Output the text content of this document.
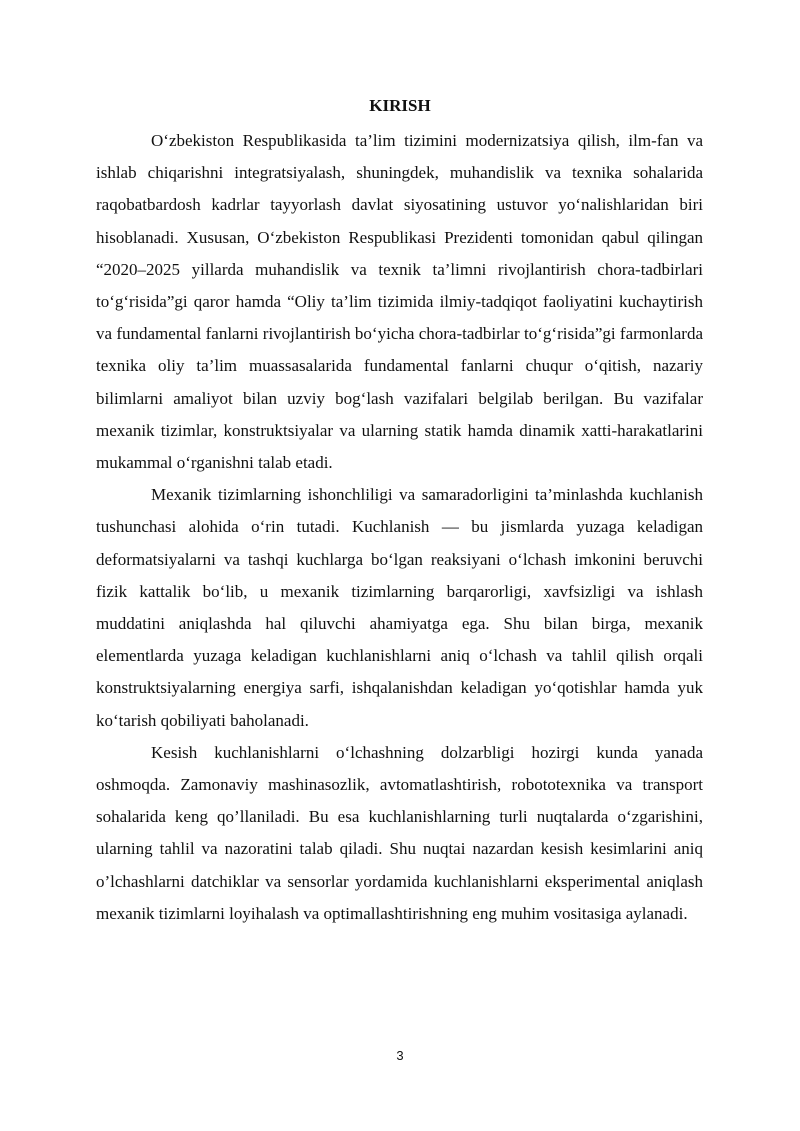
KIRISH

O‘zbekiston Respublikasida ta’lim tizimini modernizatsiya qilish, ilm-fan va ishlab chiqarishni integratsiyalash, shuningdek, muhandislik va texnika sohalarida raqobatbardosh kadrlar tayyorlash davlat siyosatining ustuvor yo‘nalishlaridan biri hisoblanadi. Xususan, O‘zbekiston Respublikasi Prezidenti tomonidan qabul qilingan “2020–2025 yillarda muhandislik va texnik ta’limni rivojlantirish chora-tadbirlari to‘g‘risida”gi qaror hamda “Oliy ta’lim tizimida ilmiy-tadqiqot faoliyatini kuchaytirish va fundamental fanlarni rivojlantirish bo‘yicha chora-tadbirlar to‘g‘risida”gi farmonlarda texnika oliy ta’lim muassasalarida fundamental fanlarni chuqur o‘qitish, nazariy bilimlarni amaliyot bilan uzviy bog‘lash vazifalari belgilab berilgan. Bu vazifalar mexanik tizimlar, konstruktsiyalar va ularning statik hamda dinamik xatti-harakatlarini mukammal o‘rganishni talab etadi.

Mexanik tizimlarning ishonchliligi va samaradorligini ta’minlashda kuchlanish tushunchasi alohida o‘rin tutadi. Kuchlanish — bu jismlarda yuzaga keladigan deformatsiyalarni va tashqi kuchlarga bo‘lgan reaksiyani o‘lchash imkonini beruvchi fizik kattalik bo‘lib, u mexanik tizimlarning barqarorligi, xavfsizligi va ishlash muddatini aniqlashda hal qiluvchi ahamiyatga ega. Shu bilan birga, mexanik elementlarda yuzaga keladigan kuchlanishlarni aniq o‘lchash va tahlil qilish orqali konstruktsiyalarning energiya sarfi, ishqalanishdan keladigan yo‘qotishlar hamda yuk ko‘tarish qobiliyati baholanadi.

Kesish kuchlanishlarni o‘lchashning dolzarbligi hozirgi kunda yanada oshmoqda. Zamonaviy mashinasozlik, avtomatlashtirish, robototexnika va transport sohalarida keng qo’llaniladi. Bu esa kuchlanishlarning turli nuqtalarda o‘zgarishini, ularning tahlil va nazoratini talab qiladi. Shu nuqtai nazardan kesish kesimlarini aniq o’lchashlarni datchiklar va sensorlar yordamida kuchlanishlarni eksperimental aniqlash mexanik tizimlarni loyihalash va optimallashtirishning eng muhim vositasiga aylanadi.

3
